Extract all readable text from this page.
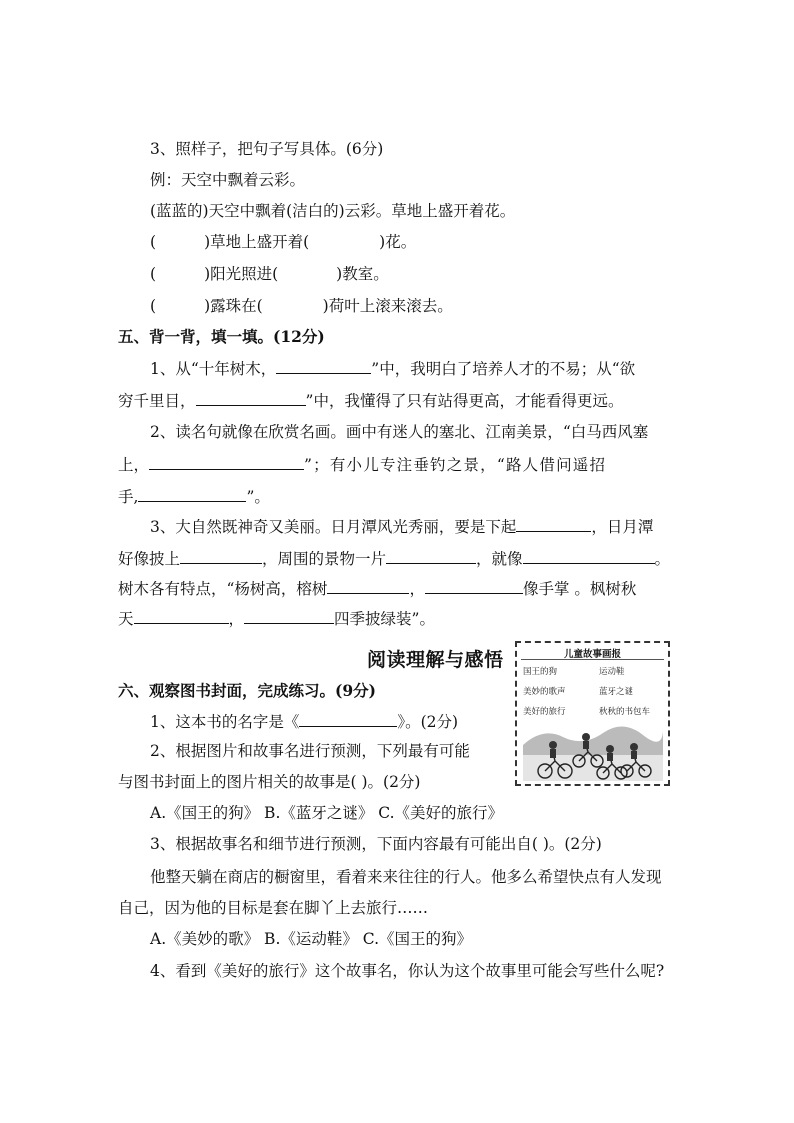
3、照样子，把句子写具体。(6分)
例：天空中飘着云彩。
(蓝蓝的)天空中飘着(洁白的)云彩。草地上盛开着花。
(	)草地上盛开着(	)花。
(	)阳光照进(	)教室。
(	)露珠在(	)荷叶上滚来滚去。
五、背一背，填一填。(12分)
1、从“十年树木，	”中，我明白了培养人才的不易；从“欲
穷千里目，	”中，我懂得了只有站得更高，才能看得更远。
2、读名句就像在欣赏名画。画中有迷人的塞北、江南美景，“白马西风塞
上，	”；有小儿专注垂钓之景，“路人借问遥招
手,	”。
3、大自然既神奇又美丽。日月潭风光秀丽，要是下起	，日月潭
好像披上	，周围的景物一片	，就像	。
树木各有特点，“杨树高，榕树	，	像手掌 。枫树秋
天	，	四季披绿装”。
阅读理解与感悟	儿童故事画报
国王的狗	运动鞋
美妙的歌声	蓝牙之谜
美好的旅行	秋秋的书包车
六、观察图书封面，完成练习。(9分)
1、这本书的名字是《	》。(2分)
2、根据图片和故事名进行预测，下列最有可能
与图书封面上的图片相关的故事是( )。(2分)
A.《国王的狗》 B.《蓝牙之谜》 C.《美好的旅行》
3、根据故事名和细节进行预测，下面内容最有可能出自( )。(2分)
他整天躺在商店的橱窗里，看着来来往往的行人。他多么希望快点有人发现
自己，因为他的目标是套在脚丫上去旅行……
A.《美妙的歌》 B.《运动鞋》 C.《国王的狗》
4、看到《美好的旅行》这个故事名，你认为这个故事里可能会写些什么呢?
